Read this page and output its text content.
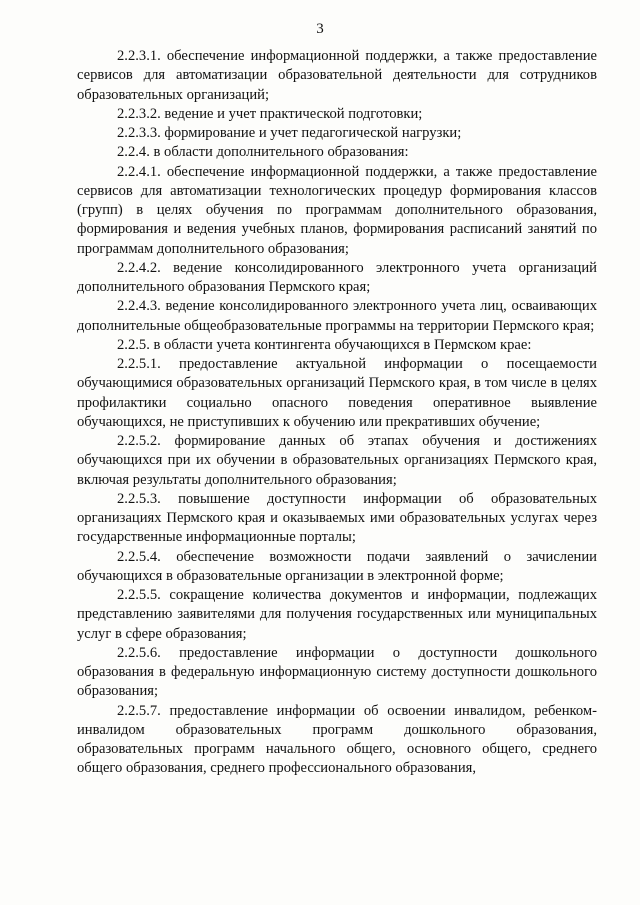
3

2.2.3.1. обеспечение информационной поддержки, а также предоставление сервисов для автоматизации образовательной деятельности для сотрудников образовательных организаций;

2.2.3.2. ведение и учет практической подготовки;

2.2.3.3. формирование и учет педагогической нагрузки;

2.2.4. в области дополнительного образования:

2.2.4.1. обеспечение информационной поддержки, а также предоставление сервисов для автоматизации технологических процедур формирования классов (групп) в целях обучения по программам дополнительного образования, формирования и ведения учебных планов, формирования расписаний занятий по программам дополнительного образования;

2.2.4.2. ведение консолидированного электронного учета организаций дополнительного образования Пермского края;

2.2.4.3. ведение консолидированного электронного учета лиц, осваивающих дополнительные общеобразовательные программы на территории Пермского края;

2.2.5. в области учета контингента обучающихся в Пермском крае:

2.2.5.1. предоставление актуальной информации о посещаемости обучающимися образовательных организаций Пермского края, в том числе в целях профилактики социально опасного поведения оперативное выявление обучающихся, не приступивших к обучению или прекративших обучение;

2.2.5.2. формирование данных об этапах обучения и достижениях обучающихся при их обучении в образовательных организациях Пермского края, включая результаты дополнительного образования;

2.2.5.3. повышение доступности информации об образовательных организациях Пермского края и оказываемых ими образовательных услугах через государственные информационные порталы;

2.2.5.4. обеспечение возможности подачи заявлений о зачислении обучающихся в образовательные организации в электронной форме;

2.2.5.5. сокращение количества документов и информации, подлежащих представлению заявителями для получения государственных или муниципальных услуг в сфере образования;

2.2.5.6. предоставление информации о доступности дошкольного образования в федеральную информационную систему доступности дошкольного образования;

2.2.5.7. предоставление информации об освоении инвалидом, ребенком-инвалидом образовательных программ дошкольного образования, образовательных программ начального общего, основного общего, среднего общего образования, среднего профессионального образования,
